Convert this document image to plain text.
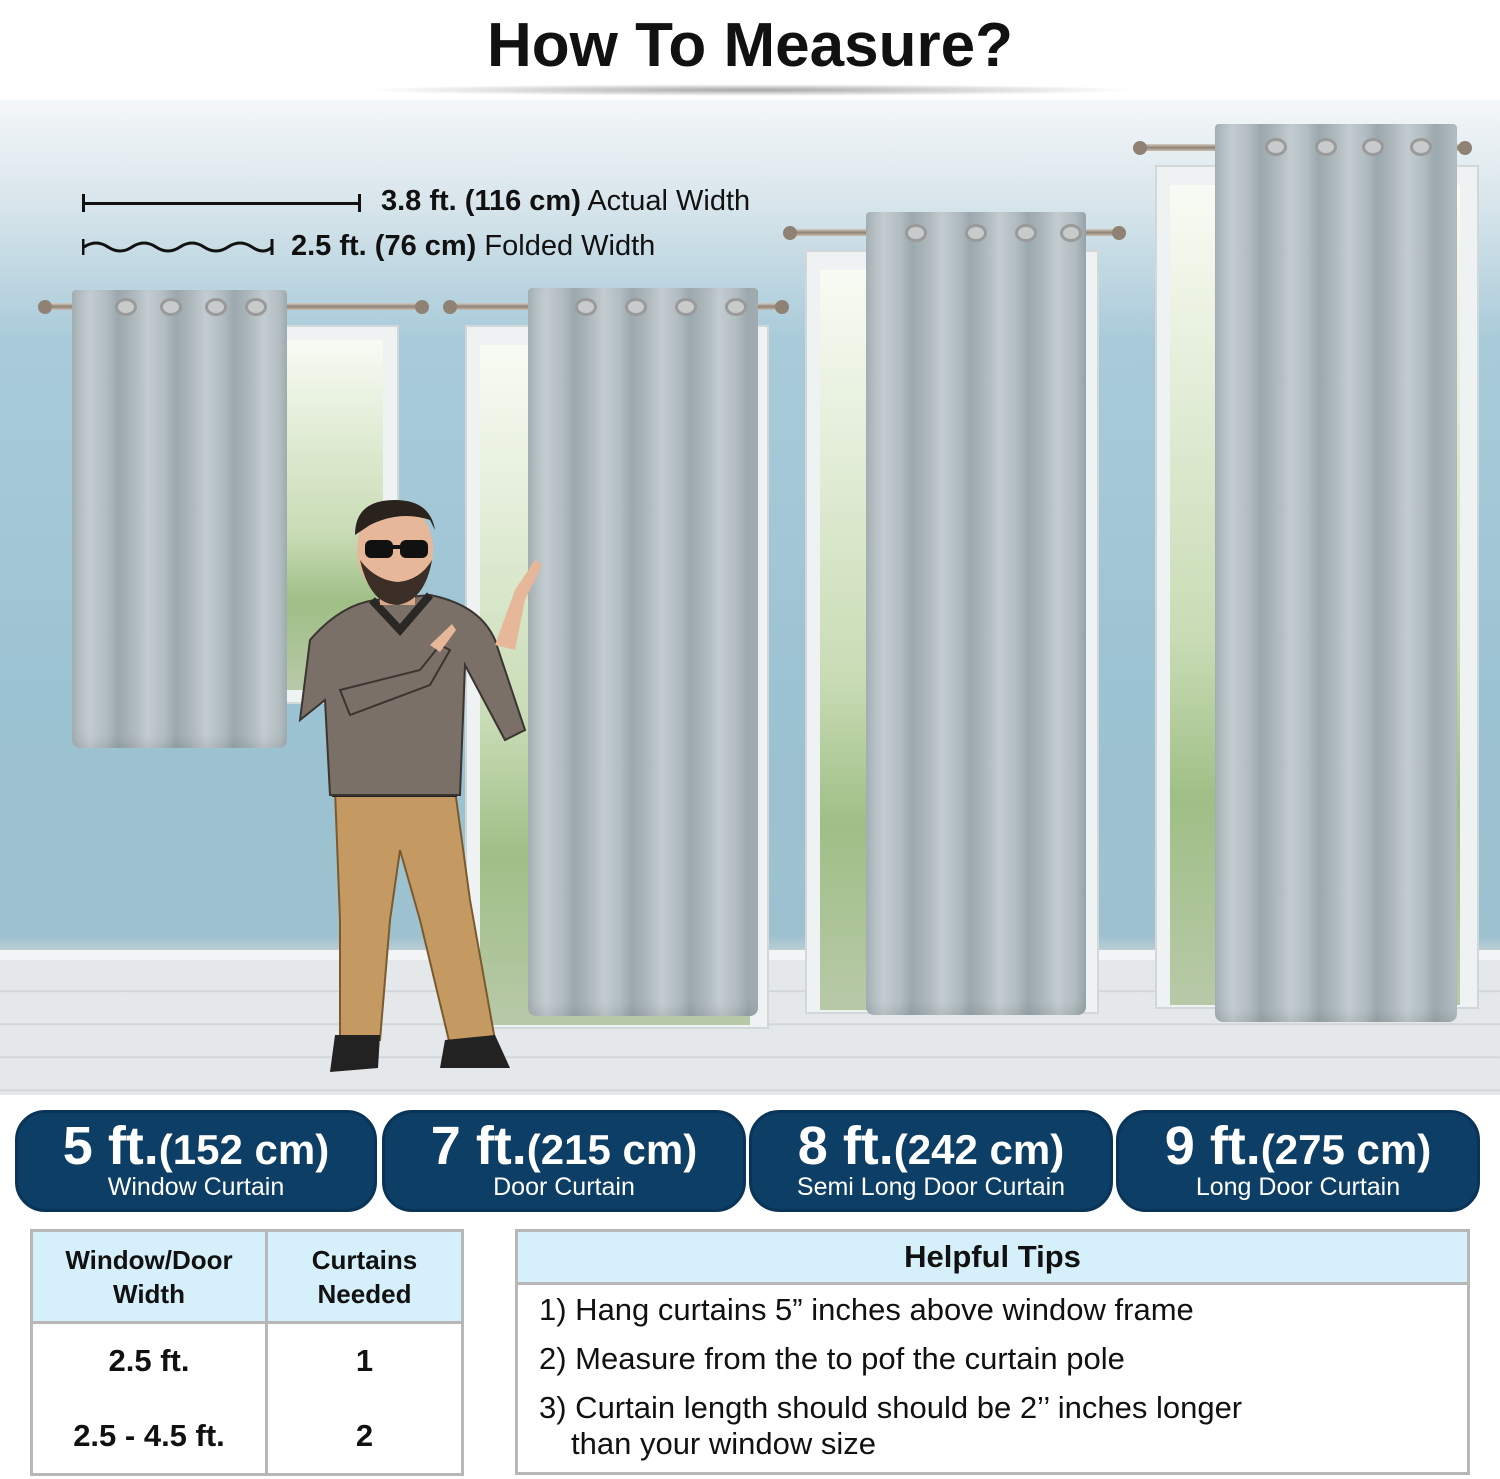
How To Measure?
3.8 ft. (116 cm) Actual Width
2.5 ft. (76 cm) Folded Width
5 ft.(152 cm)
Window Curtain
7 ft.(215 cm)
Door Curtain
8 ft.(242 cm)
Semi Long Door Curtain
9 ft.(275 cm)
Long Door Curtain
Window/Door Width	Curtains Needed
2.5 ft.	1
2.5 - 4.5 ft.	2
Helpful Tips
1) Hang curtains 5” inches above window frame
2) Measure from the to pof the curtain pole
3) Curtain length should should be 2’’ inches longer
than your window size
